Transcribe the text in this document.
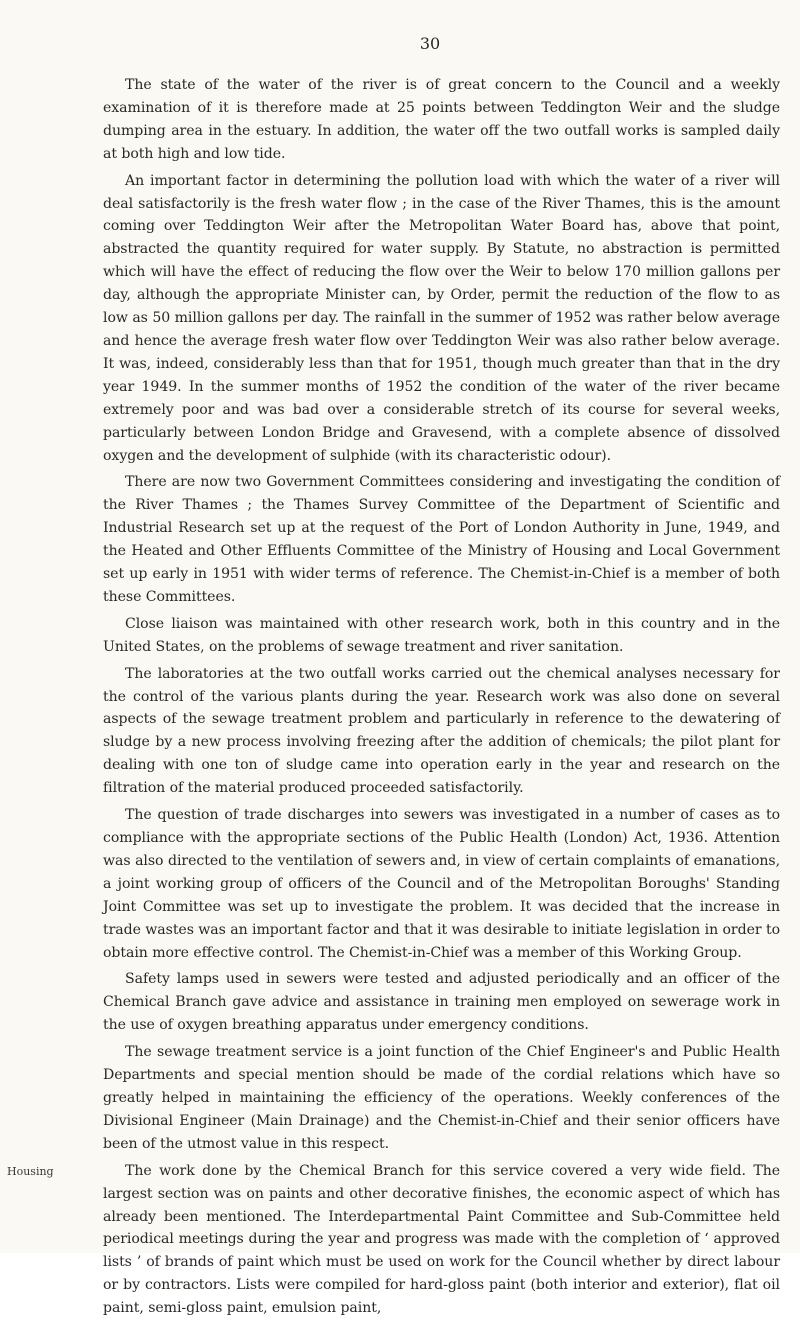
30

The state of the water of the river is of great concern to the Council and a weekly examination of it is therefore made at 25 points between Teddington Weir and the sludge dumping area in the estuary. In addition, the water off the two outfall works is sampled daily at both high and low tide.

An important factor in determining the pollution load with which the water of a river will deal satisfactorily is the fresh water flow ; in the case of the River Thames, this is the amount coming over Teddington Weir after the Metropolitan Water Board has, above that point, abstracted the quantity required for water supply. By Statute, no abstraction is permitted which will have the effect of reducing the flow over the Weir to below 170 million gallons per day, although the appropriate Minister can, by Order, permit the reduction of the flow to as low as 50 million gallons per day. The rainfall in the summer of 1952 was rather below average and hence the average fresh water flow over Teddington Weir was also rather below average. It was, indeed, considerably less than that for 1951, though much greater than that in the dry year 1949. In the summer months of 1952 the condition of the water of the river became extremely poor and was bad over a considerable stretch of its course for several weeks, particularly between London Bridge and Gravesend, with a complete absence of dissolved oxygen and the development of sulphide (with its characteristic odour).

There are now two Government Committees considering and investigating the condition of the River Thames ; the Thames Survey Committee of the Department of Scientific and Industrial Research set up at the request of the Port of London Authority in June, 1949, and the Heated and Other Effluents Committee of the Ministry of Housing and Local Government set up early in 1951 with wider terms of reference. The Chemist-in-Chief is a member of both these Committees.

Close liaison was maintained with other research work, both in this country and in the United States, on the problems of sewage treatment and river sanitation.

The laboratories at the two outfall works carried out the chemical analyses necessary for the control of the various plants during the year. Research work was also done on several aspects of the sewage treatment problem and particularly in reference to the dewatering of sludge by a new process involving freezing after the addition of chemicals; the pilot plant for dealing with one ton of sludge came into operation early in the year and research on the filtration of the material produced proceeded satisfactorily.

The question of trade discharges into sewers was investigated in a number of cases as to compliance with the appropriate sections of the Public Health (London) Act, 1936. Attention was also directed to the ventilation of sewers and, in view of certain complaints of emanations, a joint working group of officers of the Council and of the Metropolitan Boroughs' Standing Joint Committee was set up to investigate the problem. It was decided that the increase in trade wastes was an important factor and that it was desirable to initiate legislation in order to obtain more effective control. The Chemist-in-Chief was a member of this Working Group.

Safety lamps used in sewers were tested and adjusted periodically and an officer of the Chemical Branch gave advice and assistance in training men employed on sewerage work in the use of oxygen breathing apparatus under emergency conditions.

The sewage treatment service is a joint function of the Chief Engineer's and Public Health Departments and special mention should be made of the cordial relations which have so greatly helped in maintaining the efficiency of the operations. Weekly conferences of the Divisional Engineer (Main Drainage) and the Chemist-in-Chief and their senior officers have been of the utmost value in this respect.

Housing	The work done by the Chemical Branch for this service covered a very wide field. The largest section was on paints and other decorative finishes, the economic aspect of which has already been mentioned. The Interdepartmental Paint Committee and Sub-Committee held periodical meetings during the year and progress was made with the completion of ‘ approved lists ’ of brands of paint which must be used on work for the Council whether by direct labour or by contractors. Lists were compiled for hard-gloss paint (both interior and exterior), flat oil paint, semi-gloss paint, emulsion paint,
